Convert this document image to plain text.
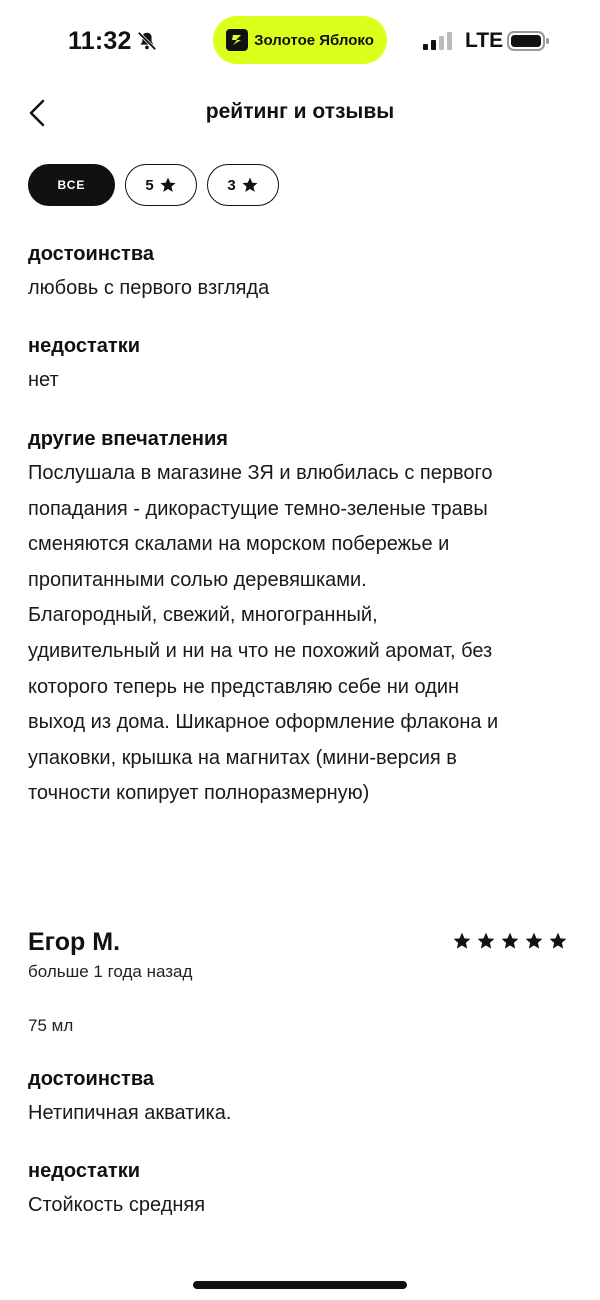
11:32	Золотое Яблоко	LTE
рейтинг и отзывы
ВСЕ	5	3
достоинства
любовь с первого взгляда
недостатки
нет
другие впечатления
Послушала в магазине ЗЯ и влюбилась с первого
попадания - дикорастущие темно-зеленые травы
сменяются скалами на морском побережье и
пропитанными солью деревяшками.
Благородный, свежий, многогранный,
удивительный и ни на что не похожий аромат, без
которого теперь не представляю себе ни один
выход из дома. Шикарное оформление флакона и
упаковки, крышка на магнитах (мини-версия в
точности копирует полноразмерную)
Егор М.
больше 1 года назад
75 мл
достоинства
Нетипичная акватика.
недостатки
Стойкость средняя
